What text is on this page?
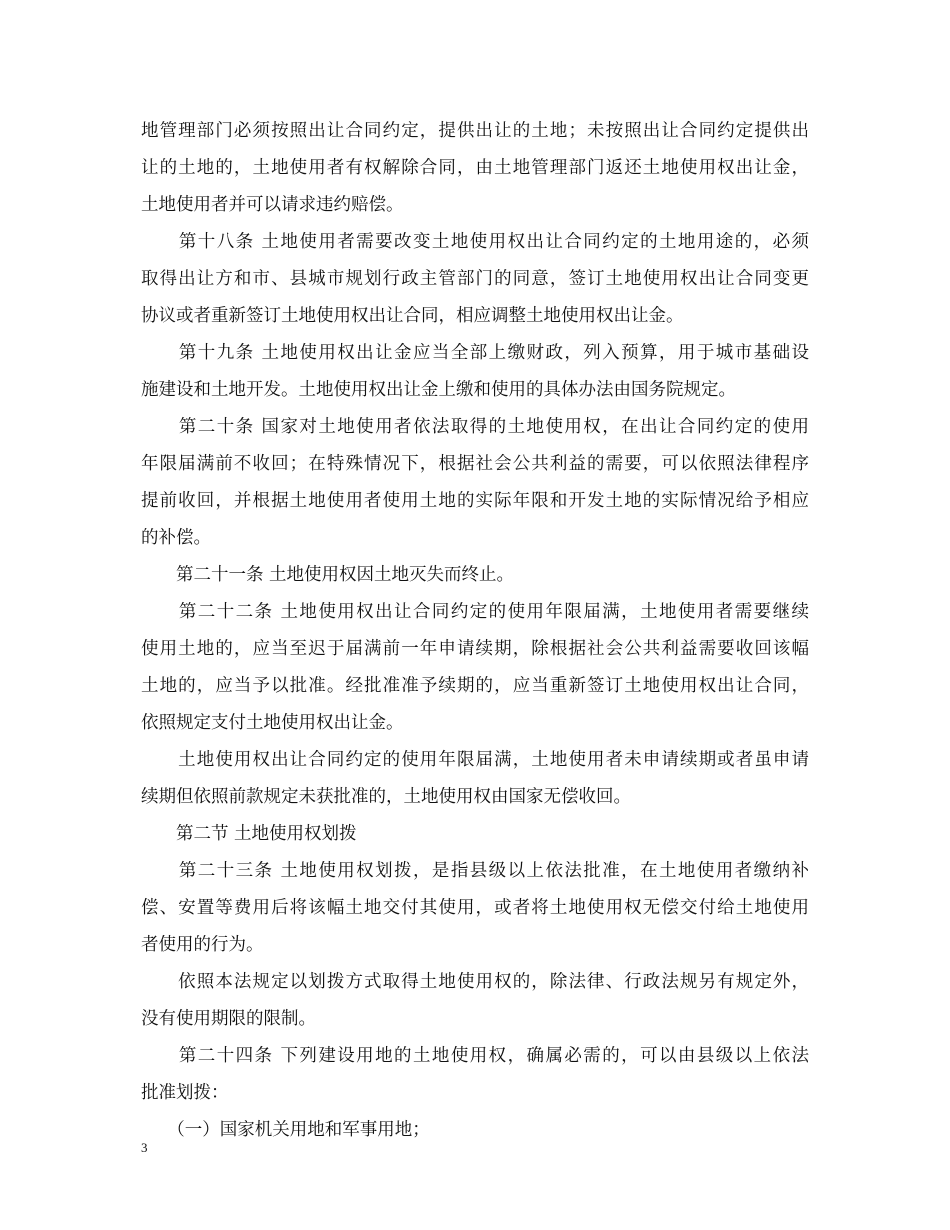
地管理部门必须按照出让合同约定，提供出让的土地；未按照出让合同约定提供出
让的土地的，土地使用者有权解除合同，由土地管理部门返还土地使用权出让金，
土地使用者并可以请求违约赔偿。
　　第十八条 土地使用者需要改变土地使用权出让合同约定的土地用途的，必须
取得出让方和市、县城市规划行政主管部门的同意，签订土地使用权出让合同变更
协议或者重新签订土地使用权出让合同，相应调整土地使用权出让金。
　　第十九条 土地使用权出让金应当全部上缴财政，列入预算，用于城市基础设
施建设和土地开发。土地使用权出让金上缴和使用的具体办法由国务院规定。
　　第二十条 国家对土地使用者依法取得的土地使用权，在出让合同约定的使用
年限届满前不收回；在特殊情况下，根据社会公共利益的需要，可以依照法律程序
提前收回，并根据土地使用者使用土地的实际年限和开发土地的实际情况给予相应
的补偿。
　　第二十一条 土地使用权因土地灭失而终止。
　　第二十二条 土地使用权出让合同约定的使用年限届满，土地使用者需要继续
使用土地的，应当至迟于届满前一年申请续期，除根据社会公共利益需要收回该幅
土地的，应当予以批准。经批准准予续期的，应当重新签订土地使用权出让合同，
依照规定支付土地使用权出让金。
　　土地使用权出让合同约定的使用年限届满，土地使用者未申请续期或者虽申请
续期但依照前款规定未获批准的，土地使用权由国家无偿收回。
　　第二节 土地使用权划拨
　　第二十三条 土地使用权划拨，是指县级以上依法批准，在土地使用者缴纳补
偿、安置等费用后将该幅土地交付其使用，或者将土地使用权无偿交付给土地使用
者使用的行为。
　　依照本法规定以划拨方式取得土地使用权的，除法律、行政法规另有规定外，
没有使用期限的限制。
　　第二十四条 下列建设用地的土地使用权，确属必需的，可以由县级以上依法
批准划拨：
　　（一）国家机关用地和军事用地；
3
